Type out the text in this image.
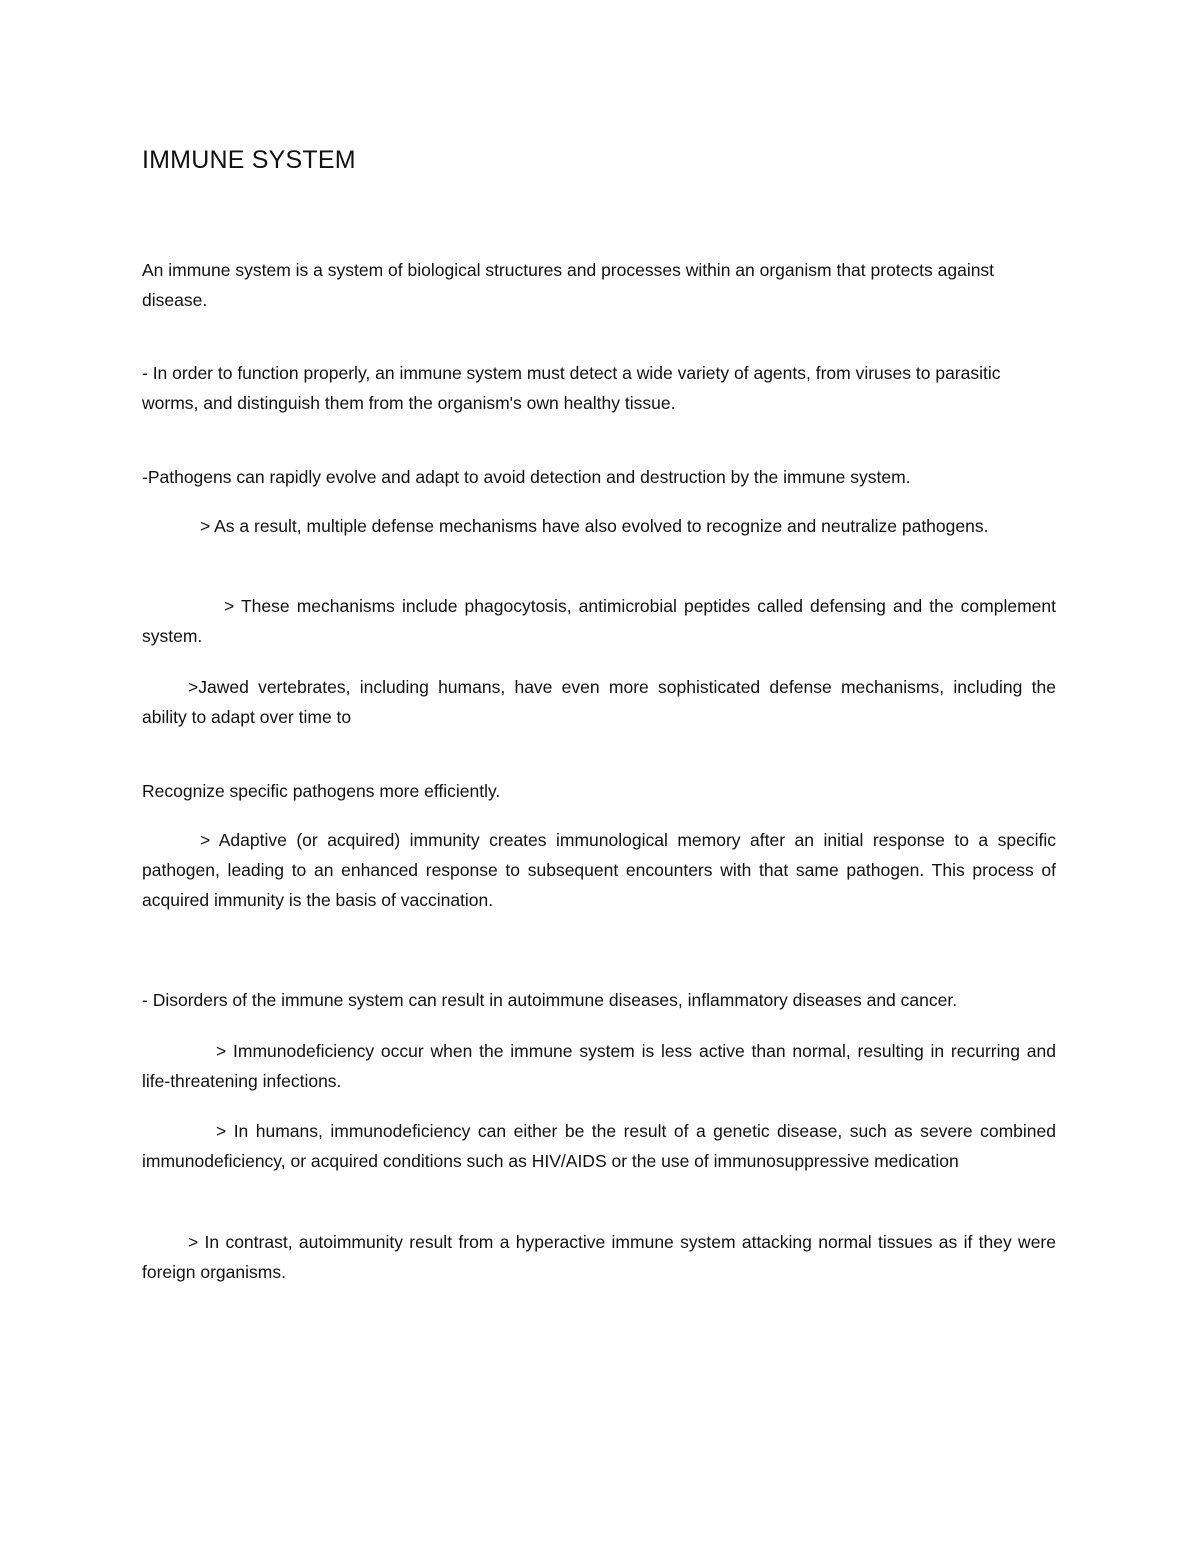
IMMUNE SYSTEM

An immune system is a system of biological structures and processes within an organism that protects against disease.

- In order to function properly, an immune system must detect a wide variety of agents, from viruses to parasitic worms, and distinguish them from the organism's own healthy tissue.

-Pathogens can rapidly evolve and adapt to avoid detection and destruction by the immune system.

> As a result, multiple defense mechanisms have also evolved to recognize and neutralize pathogens.

> These mechanisms include phagocytosis, antimicrobial peptides called defensing and the complement system.

>Jawed vertebrates, including humans, have even more sophisticated defense mechanisms, including the ability to adapt over time to

Recognize specific pathogens more efficiently.

> Adaptive (or acquired) immunity creates immunological memory after an initial response to a specific pathogen, leading to an enhanced response to subsequent encounters with that same pathogen. This process of acquired immunity is the basis of vaccination.

- Disorders of the immune system can result in autoimmune diseases, inflammatory diseases and cancer.

> Immunodeficiency occur when the immune system is less active than normal, resulting in recurring and life-threatening infections.

> In humans, immunodeficiency can either be the result of a genetic disease, such as severe combined immunodeficiency, or acquired conditions such as HIV/AIDS or the use of immunosuppressive medication

> In contrast, autoimmunity result from a hyperactive immune system attacking normal tissues as if they were foreign organisms.
